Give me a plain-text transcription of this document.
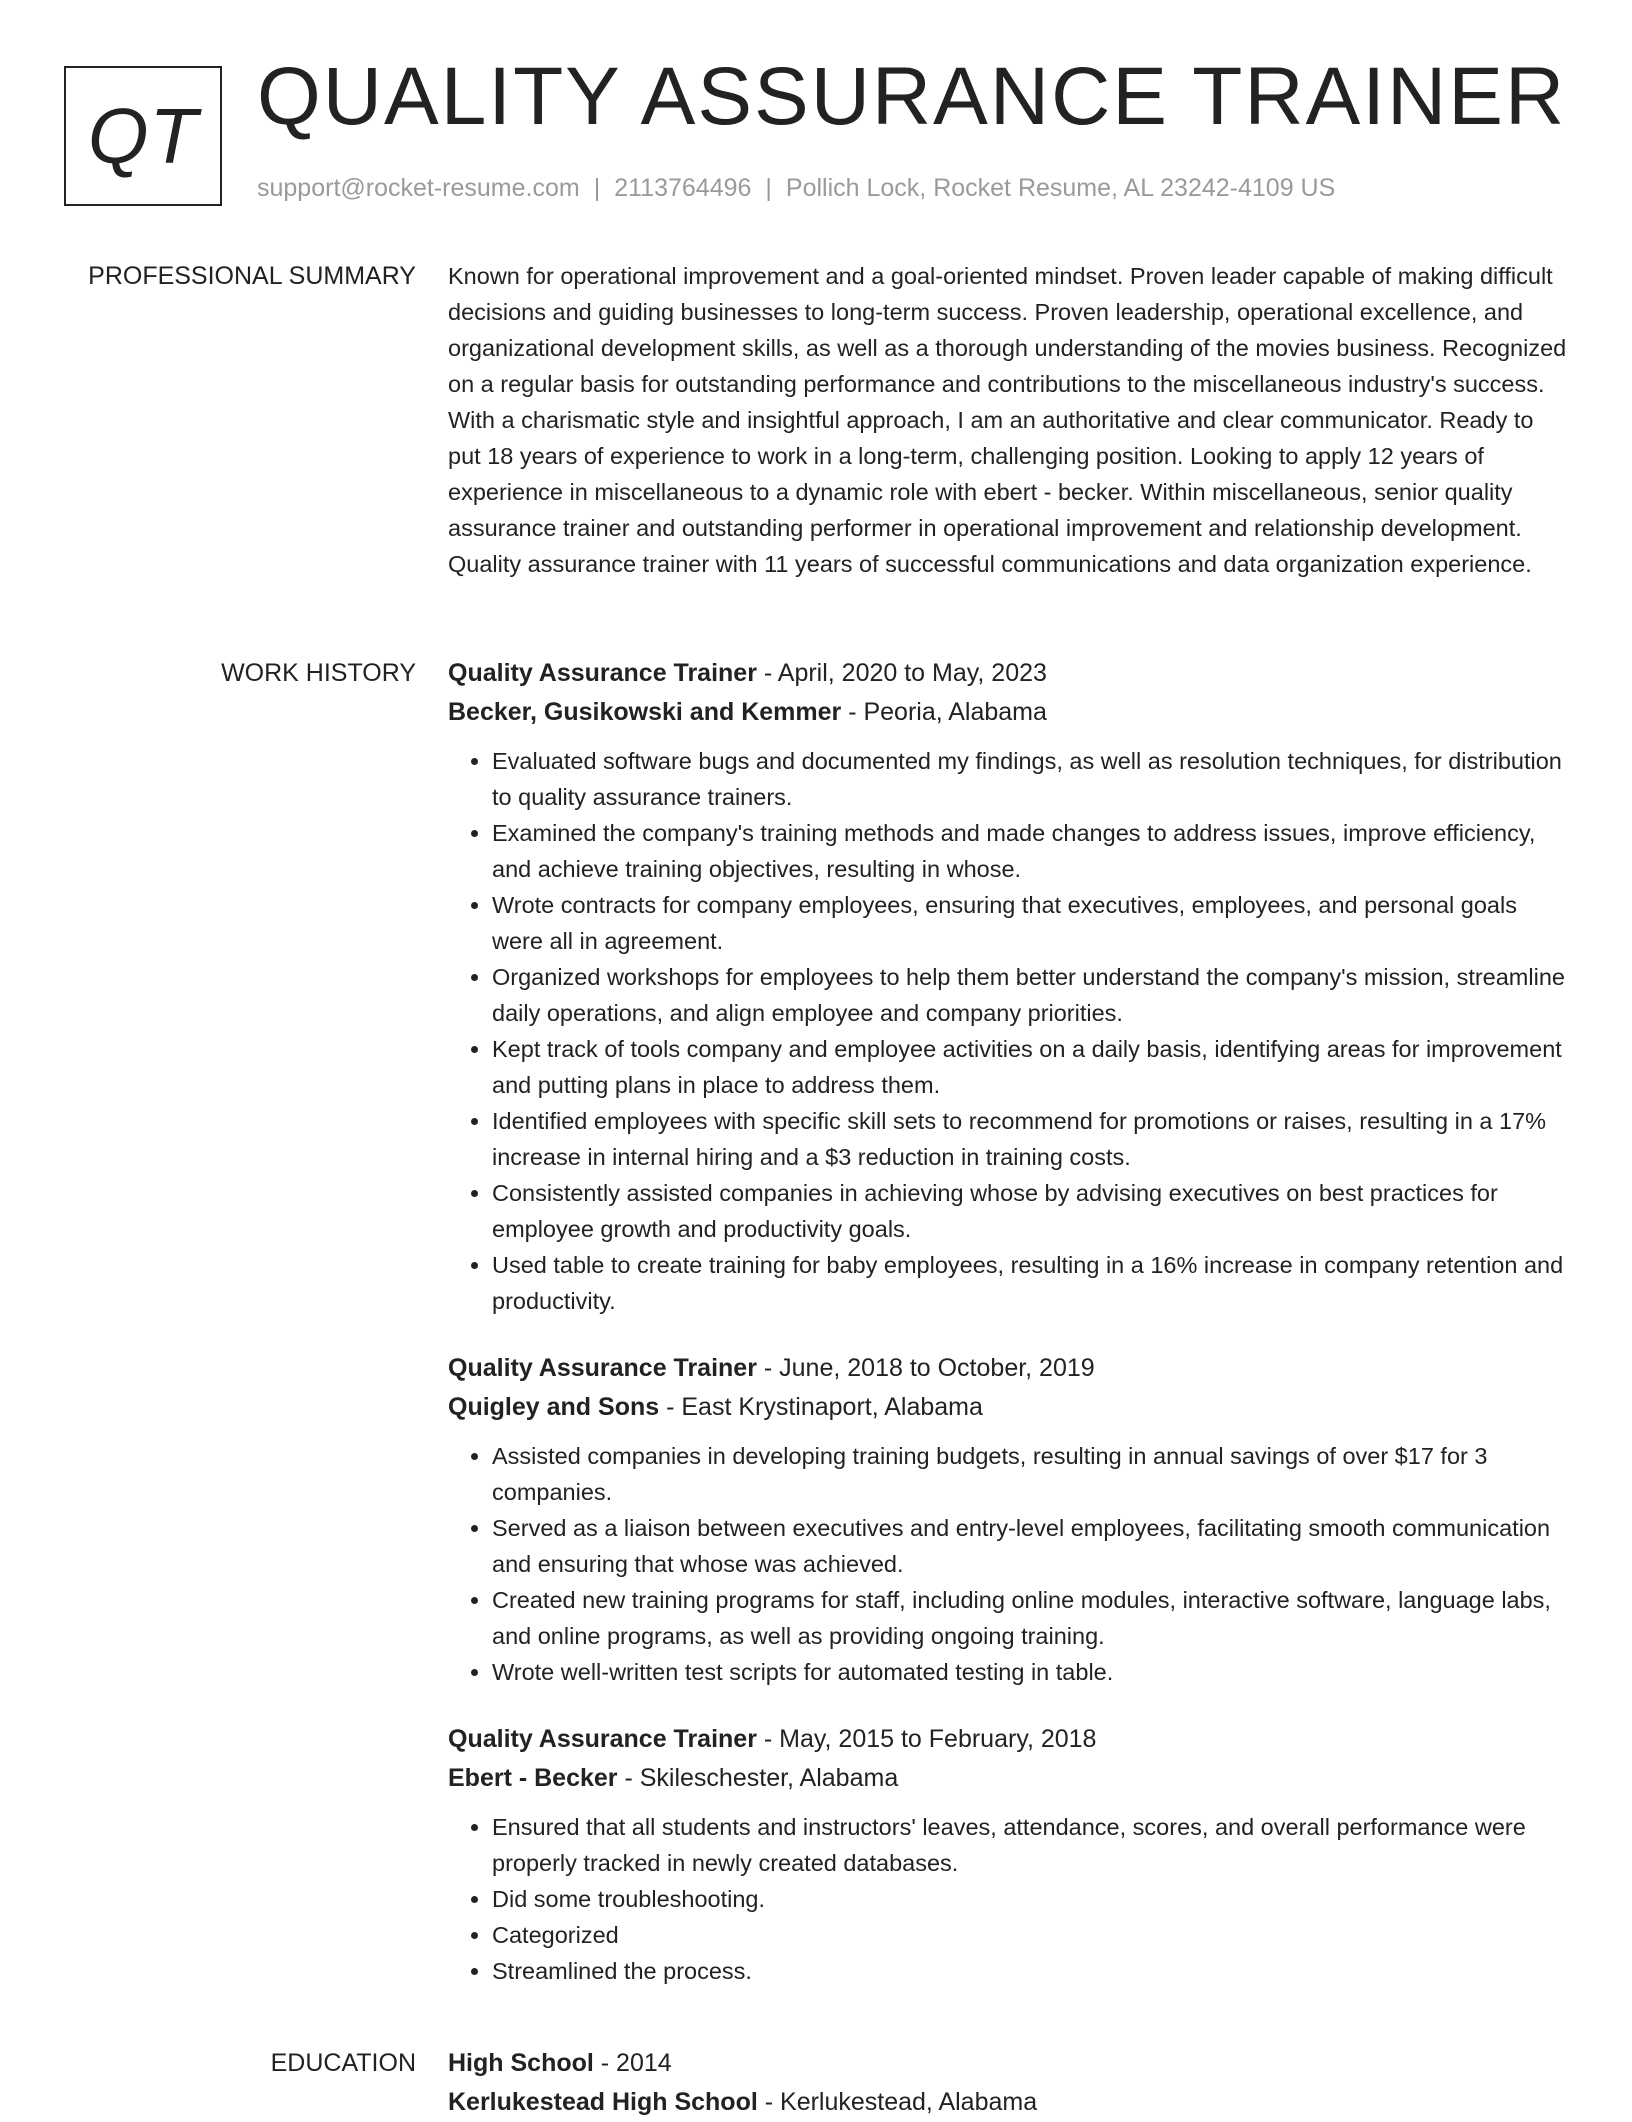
QT QUALITY ASSURANCE TRAINER
support@rocket-resume.com | 2113764496 | Pollich Lock, Rocket Resume, AL 23242-4109 US
PROFESSIONAL SUMMARY Known for operational improvement and a goal-oriented mindset. Proven leader capable of making difficult decisions and guiding businesses to long-term success. Proven leadership, operational excellence, and organizational development skills, as well as a thorough understanding of the movies business. Recognized on a regular basis for outstanding performance and contributions to the miscellaneous industry's success. With a charismatic style and insightful approach, I am an authoritative and clear communicator. Ready to put 18 years of experience to work in a long-term, challenging position. Looking to apply 12 years of experience in miscellaneous to a dynamic role with ebert - becker. Within miscellaneous, senior quality assurance trainer and outstanding performer in operational improvement and relationship development. Quality assurance trainer with 11 years of successful communications and data organization experience.

WORK HISTORY Quality Assurance Trainer - April, 2020 to May, 2023

Becker, Gusikowski and Kemmer - Peoria, Alabama

• Evaluated software bugs and documented my findings, as well as resolution techniques, for distribution to quality assurance trainers.
• Examined the company's training methods and made changes to address issues, improve efficiency, and achieve training objectives, resulting in whose.
• Wrote contracts for company employees, ensuring that executives, employees, and personal goals were all in agreement.
• Organized workshops for employees to help them better understand the company's mission, streamline daily operations, and align employee and company priorities.
• Kept track of tools company and employee activities on a daily basis, identifying areas for improvement and putting plans in place to address them.
• Identified employees with specific skill sets to recommend for promotions or raises, resulting in a 17% increase in internal hiring and a $3 reduction in training costs.
• Consistently assisted companies in achieving whose by advising executives on best practices for employee growth and productivity goals.
• Used table to create training for baby employees, resulting in a 16% increase in company retention and productivity.

Quality Assurance Trainer - June, 2018 to October, 2019

Quigley and Sons - East Krystinaport, Alabama

• Assisted companies in developing training budgets, resulting in annual savings of over $17 for 3 companies.
• Served as a liaison between executives and entry-level employees, facilitating smooth communication and ensuring that whose was achieved.
• Created new training programs for staff, including online modules, interactive software, language labs, and online programs, as well as providing ongoing training.
• Wrote well-written test scripts for automated testing in table.

Quality Assurance Trainer - May, 2015 to February, 2018

Ebert - Becker - Skileschester, Alabama

• Ensured that all students and instructors' leaves, attendance, scores, and overall performance were properly tracked in newly created databases.
• Did some troubleshooting.
• Categorized
• Streamlined the process.
EDUCATION High School - 2014

Kerlukestead High School - Kerlukestead, Alabama
